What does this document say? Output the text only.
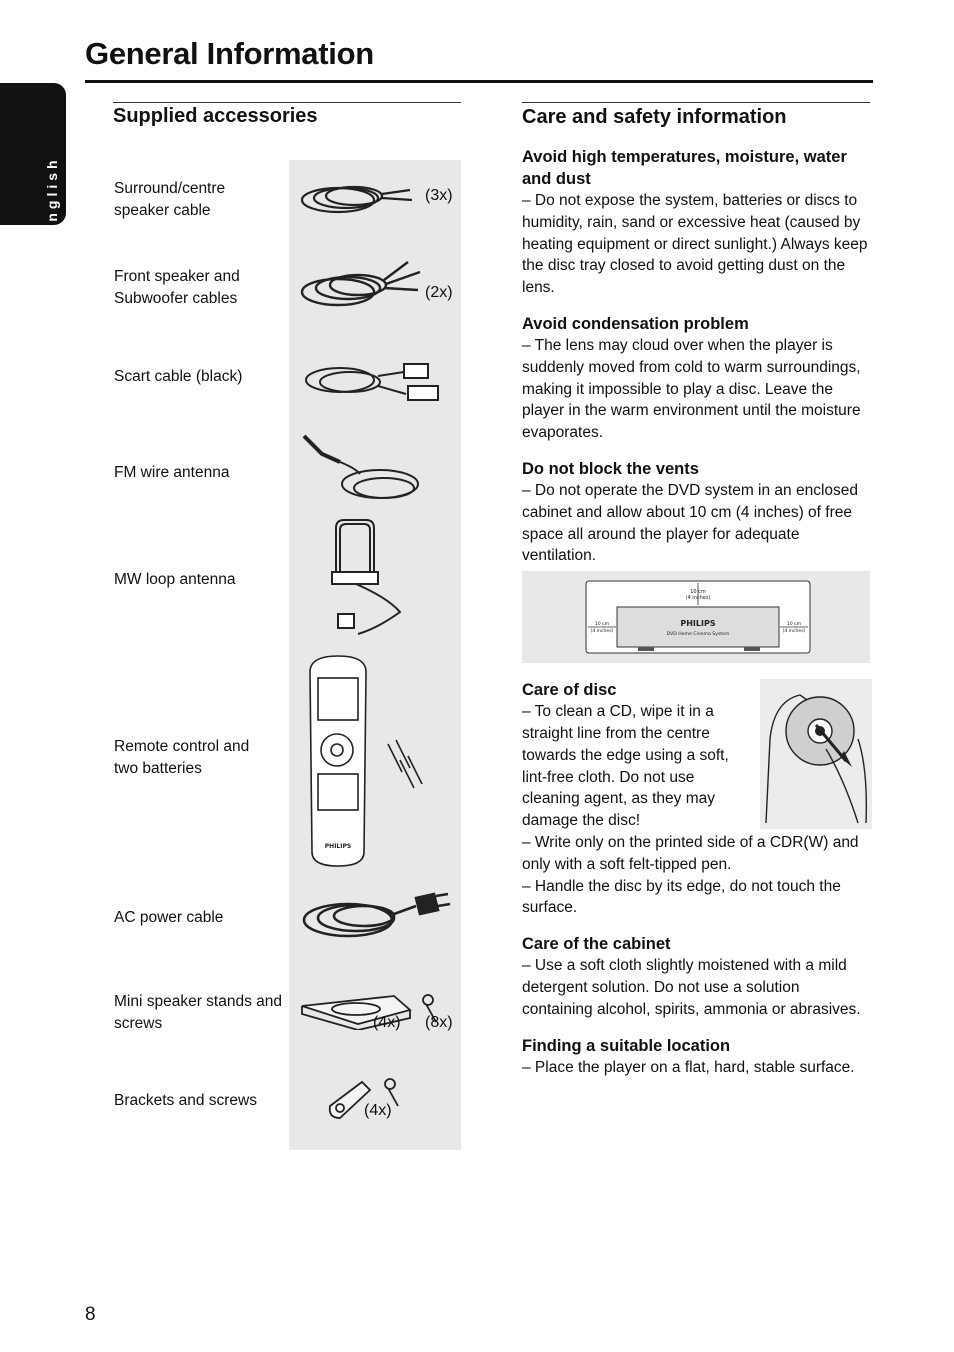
General Information
English
Supplied accessories
Surround/centre speaker cable
Front speaker and Subwoofer cables
Scart cable (black)
FM wire antenna
MW loop antenna
Remote control and two batteries
AC power cable
Mini speaker stands and screws
Brackets and screws
(3x)
(2x)
PHILIPS
(4x) (8x)
(4x)
Care and safety information
Avoid high temperatures, moisture, water and dust

– Do not expose the system, batteries or discs to humidity, rain, sand or excessive heat (caused by heating equipment or direct sunlight.) Always keep the disc tray closed to avoid getting dust on the lens.

Avoid condensation problem

– The lens may cloud over when the player is suddenly moved from cold to warm surroundings, making it impossible to play a disc. Leave the player in the warm environment until the moisture evaporates.

Do not block the vents

– Do not operate the DVD system in an enclosed cabinet and allow about 10 cm (4 inches) of free space all around the player for adequate ventilation.

10 cm
(4 inches)
10 cm
(4 inches)
10 cm
(4 inches)
PHILIPS
DVD Home Cinema System
Care of disc

– To clean a CD, wipe it in a straight line from the centre towards the edge using a soft, lint-free cloth. Do not use cleaning agent, as they may damage the disc!

– Write only on the printed side of a CDR(W) and only with a soft felt-tipped pen.

– Handle the disc by its edge, do not touch the surface.

Care of the cabinet

– Use a soft cloth slightly moistened with a mild detergent solution. Do not use a solution containing alcohol, spirits, ammonia or abrasives.

Finding a suitable location

– Place the player on a flat, hard, stable surface.

8
